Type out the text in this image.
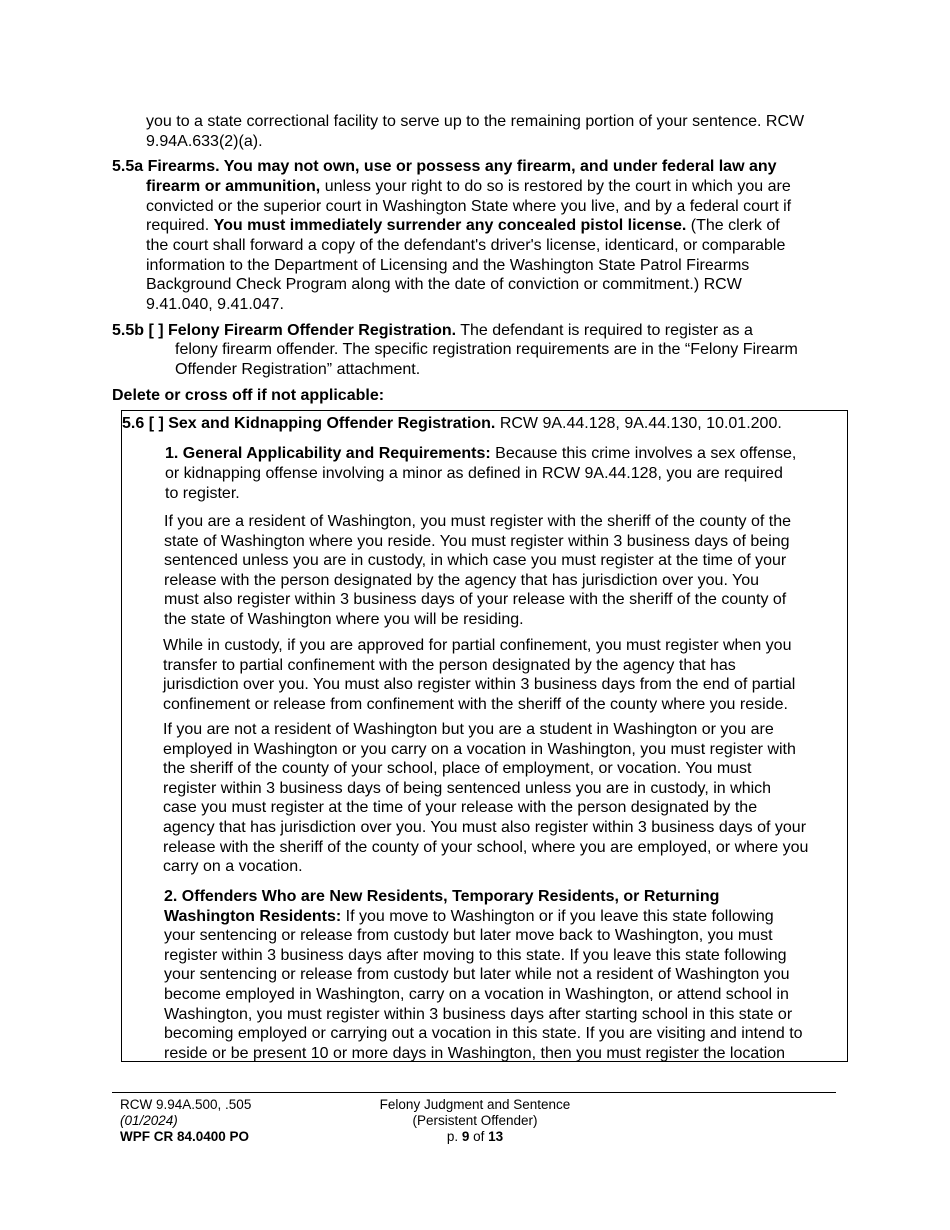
you to a state correctional facility to serve up to the remaining portion of your sentence. RCW

9.94A.633(2)(a).

5.5a Firearms. You may not own, use or possess any firearm, and under federal law any

firearm or ammunition, unless your right to do so is restored by the court in which you are

convicted or the superior court in Washington State where you live, and by a federal court if

required. You must immediately surrender any concealed pistol license. (The clerk of

the court shall forward a copy of the defendant's driver's license, identicard, or comparable

information to the Department of Licensing and the Washington State Patrol Firearms

Background Check Program along with the date of conviction or commitment.) RCW

9.41.040, 9.41.047.

5.5b [ ] Felony Firearm Offender Registration. The defendant is required to register as a

felony firearm offender. The specific registration requirements are in the “Felony Firearm

Offender Registration” attachment.

Delete or cross off if not applicable:

5.6 [ ] Sex and Kidnapping Offender Registration. RCW 9A.44.128, 9A.44.130, 10.01.200.

1. General Applicability and Requirements: Because this crime involves a sex offense,

or kidnapping offense involving a minor as defined in RCW 9A.44.128, you are required

to register.

If you are a resident of Washington, you must register with the sheriff of the county of the
state of Washington where you reside. You must register within 3 business days of being
sentenced unless you are in custody, in which case you must register at the time of your
release with the person designated by the agency that has jurisdiction over you. You
must also register within 3 business days of your release with the sheriff of the county of
the state of Washington where you will be residing.
While in custody, if you are approved for partial confinement, you must register when you
transfer to partial confinement with the person designated by the agency that has
jurisdiction over you. You must also register within 3 business days from the end of partial
confinement or release from confinement with the sheriff of the county where you reside.
If you are not a resident of Washington but you are a student in Washington or you are
employed in Washington or you carry on a vocation in Washington, you must register with
the sheriff of the county of your school, place of employment, or vocation. You must
register within 3 business days of being sentenced unless you are in custody, in which
case you must register at the time of your release with the person designated by the
agency that has jurisdiction over you. You must also register within 3 business days of your
release with the sheriff of the county of your school, where you are employed, or where you
carry on a vocation.
2. Offenders Who are New Residents, Temporary Residents, or Returning
Washington Residents: If you move to Washington or if you leave this state following
your sentencing or release from custody but later move back to Washington, you must
register within 3 business days after moving to this state. If you leave this state following
your sentencing or release from custody but later while not a resident of Washington you
become employed in Washington, carry on a vocation in Washington, or attend school in
Washington, you must register within 3 business days after starting school in this state or
becoming employed or carrying out a vocation in this state. If you are visiting and intend to
reside or be present 10 or more days in Washington, then you must register the location
RCW 9.94A.500, .505
(01/2024)
WPF CR 84.0400 PO
Felony Judgment and Sentence
(Persistent Offender)
p. 9 of 13
